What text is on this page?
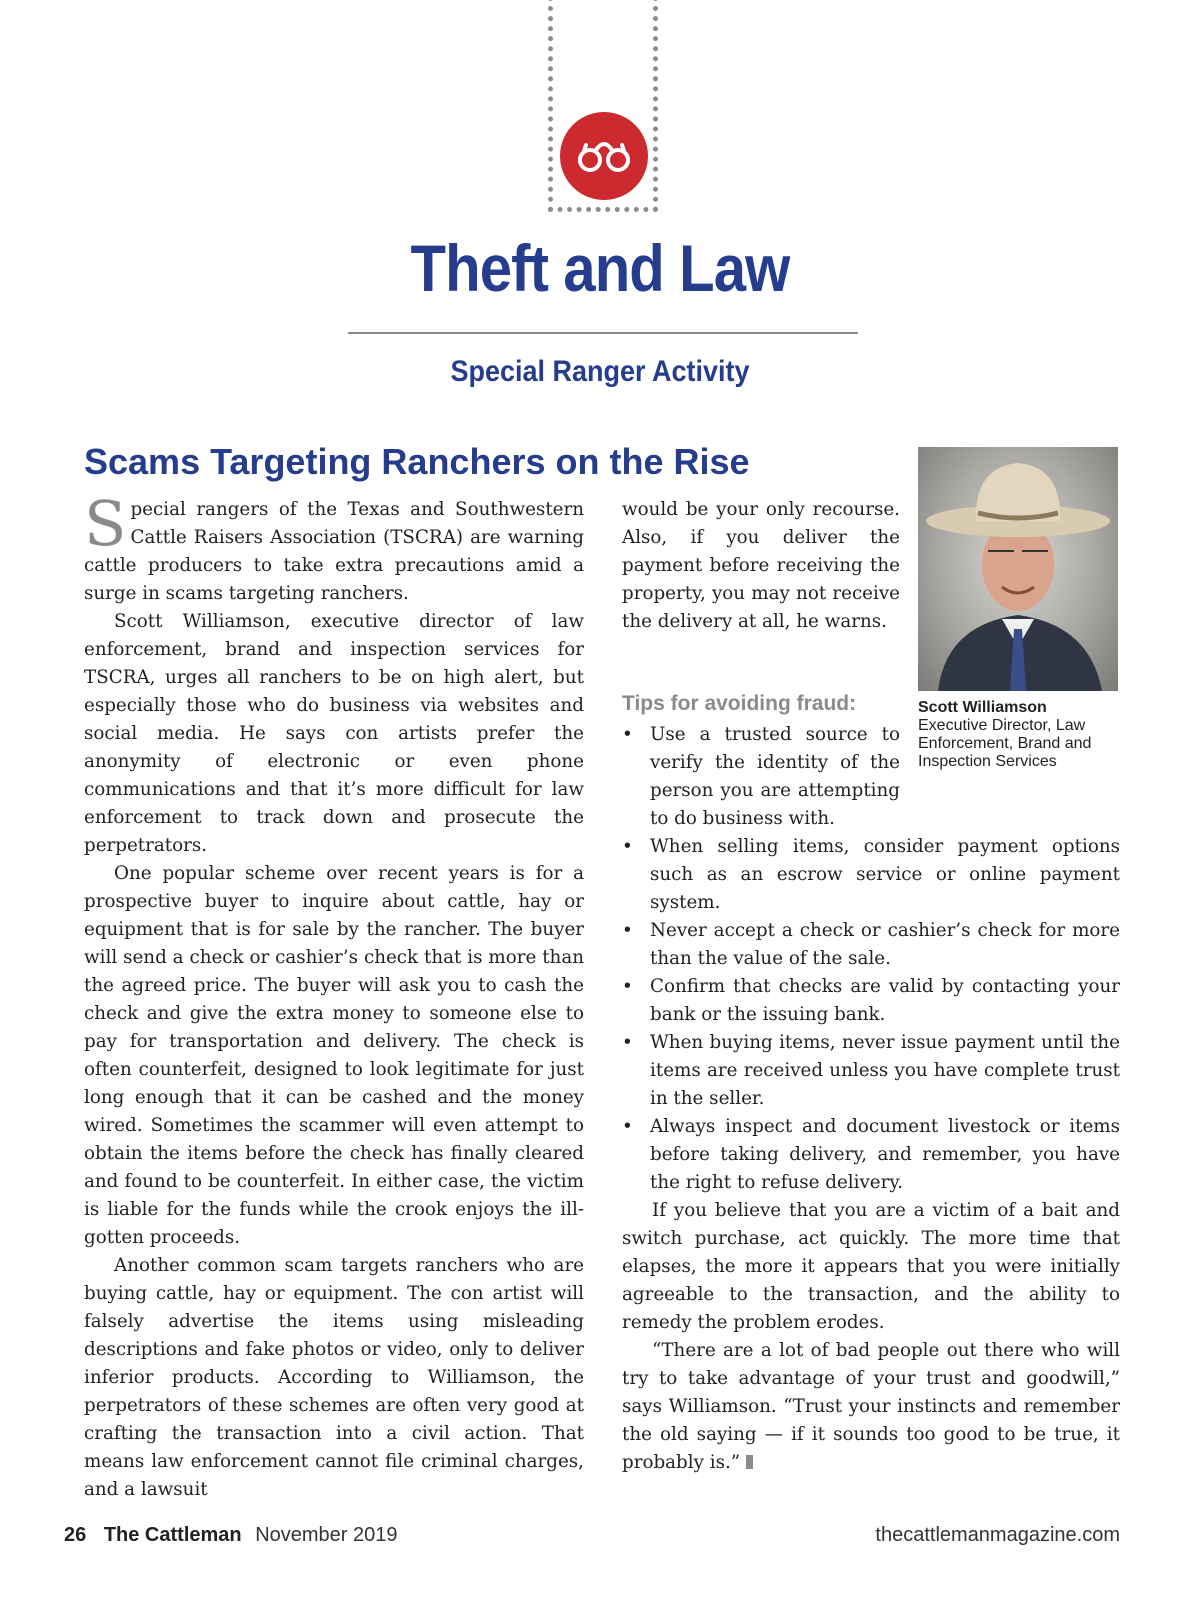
Theft and Law
Special Ranger Activity
Scams Targeting Ranchers on the Rise

Special rangers of the Texas and Southwestern Cattle Raisers Association (TSCRA) are warning cattle producers to take extra precautions amid a surge in scams targeting ranchers.

Scott Williamson, executive director of law enforcement, brand and inspection services for TSCRA, urges all ranchers to be on high alert, but especially those who do business via websites and social media. He says con artists prefer the anonymity of electronic or even phone communications and that it’s more difficult for law enforcement to track down and prosecute the perpetrators.

One popular scheme over recent years is for a prospective buyer to inquire about cattle, hay or equipment that is for sale by the rancher. The buyer will send a check or cashier’s check that is more than the agreed price. The buyer will ask you to cash the check and give the extra money to someone else to pay for transportation and delivery. The check is often counterfeit, designed to look legitimate for just long enough that it can be cashed and the money wired. Sometimes the scammer will even attempt to obtain the items before the check has finally cleared and found to be counterfeit. In either case, the victim is liable for the funds while the crook enjoys the ill-gotten proceeds.

Another common scam targets ranchers who are buying cattle, hay or equipment. The con artist will falsely advertise the items using misleading descriptions and fake photos or video, only to deliver inferior products. According to Williamson, the perpetrators of these schemes are often very good at crafting the transaction into a civil action. That means law enforcement cannot file criminal charges, and a lawsuit

would be your only recourse. Also, if you deliver the payment before receiving the property, you may not receive the delivery at all, he warns.

Scott Williamson
Executive Director, Law Enforcement, Brand and Inspection Services
Tips for avoiding fraud:
• Use a trusted source to verify the identity of the person you are attempting to do business with.
• When selling items, consider payment options such as an escrow service or online payment system.
• Never accept a check or cashier’s check for more than the value of the sale.
• Confirm that checks are valid by contacting your bank or the issuing bank.
• When buying items, never issue payment until the items are received unless you have complete trust in the seller.
• Always inspect and document livestock or items before taking delivery, and remember, you have the right to refuse delivery.

If you believe that you are a victim of a bait and switch purchase, act quickly. The more time that elapses, the more it appears that you were initially agreeable to the transaction, and the ability to remedy the problem erodes.

“There are a lot of bad people out there who will try to take advantage of your trust and goodwill,” says Williamson. “Trust your instincts and remember the old saying — if it sounds too good to be true, it probably is.”

26 The Cattleman November 2019	thecattlemanmagazine.com
